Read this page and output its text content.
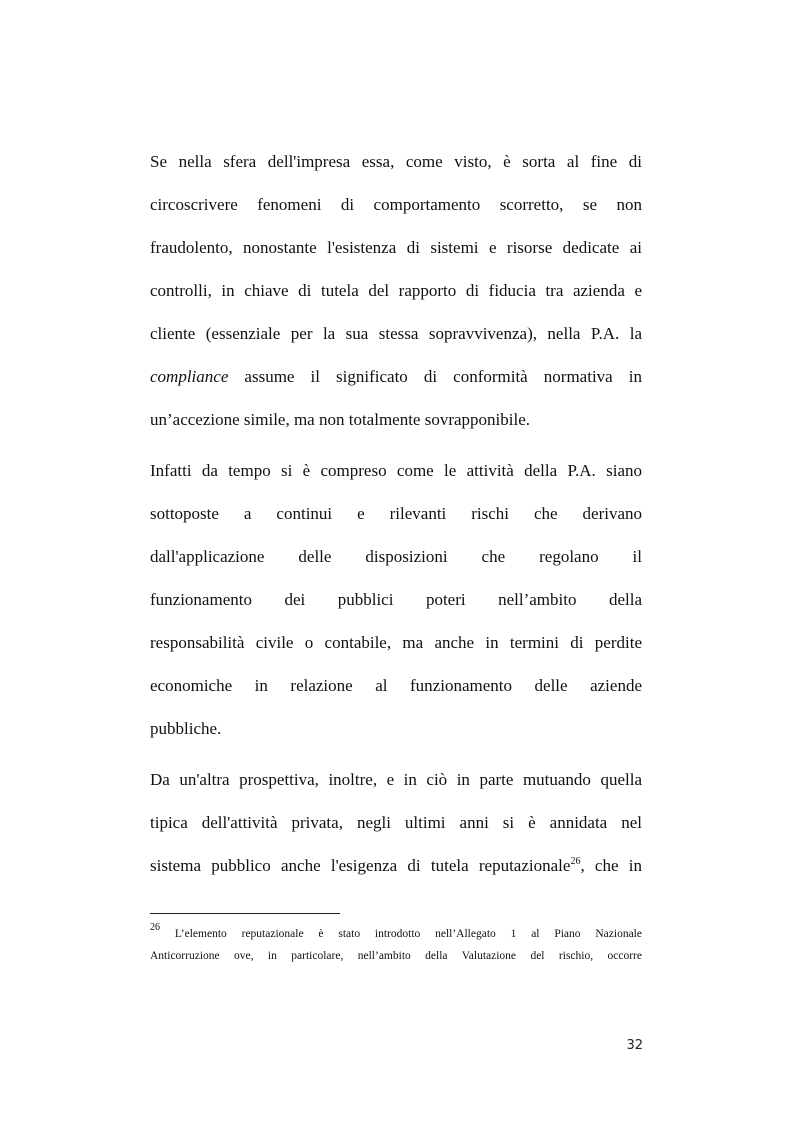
Se nella sfera dell'impresa essa, come visto, è sorta al fine di
circoscrivere fenomeni di comportamento scorretto, se non
fraudolento, nonostante l'esistenza di sistemi e risorse dedicate ai
controlli, in chiave di tutela del rapporto di fiducia tra azienda e
cliente (essenziale per la sua stessa sopravvivenza), nella P.A. la
compliance assume il significato di conformità normativa in
un’accezione simile, ma non totalmente sovrapponibile.
Infatti da tempo si è compreso come le attività della P.A. siano
sottoposte a continui e rilevanti rischi che derivano
dall'applicazione delle disposizioni che regolano il
funzionamento dei pubblici poteri nell’ambito della
responsabilità civile o contabile, ma anche in termini di perdite
economiche in relazione al funzionamento delle aziende
pubbliche.
Da un'altra prospettiva, inoltre, e in ciò in parte mutuando quella
tipica dell'attività privata, negli ultimi anni si è annidata nel
sistema pubblico anche l'esigenza di tutela reputazionale$^{26}$, che in
$^{26}$ L’elemento reputazionale è stato introdotto nell’Allegato 1 al Piano Nazionale
Anticorruzione ove, in particolare, nell’ambito della Valutazione del rischio, occorre
32
